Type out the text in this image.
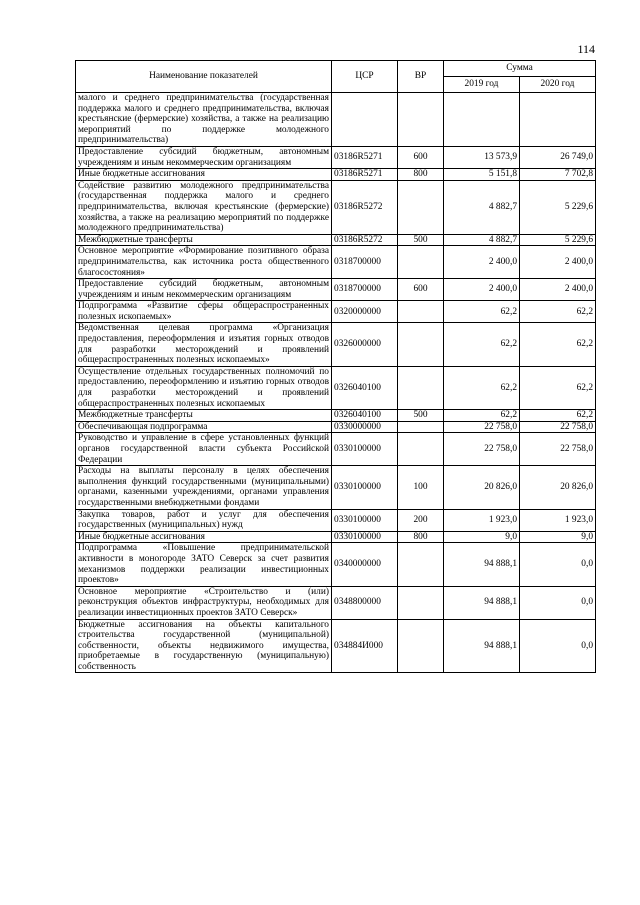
114
Наименование показателей	ЦСР	ВР	Сумма	
			2019 год	2020 год
малого и среднего предпринимательства (государственная поддержка малого и среднего предпринимательства, включая крестьянские (фермерские) хозяйства, а также на реализацию мероприятий по поддержке молодежного предпринимательства)				
Предоставление субсидий бюджетным, автономным учреждениям и иным некоммерческим организациям	03186R5271	600	13 573,9	26 749,0
Иные бюджетные ассигнования	03186R5271	800	5 151,8	7 702,8
Содействие развитию молодежного предпринимательства (государственная поддержка малого и среднего предпринимательства, включая крестьянские (фермерские) хозяйства, а также на реализацию мероприятий по поддержке молодежного предпринимательства)	03186R5272		4 882,7	5 229,6
Межбюджетные трансферты	03186R5272	500	4 882,7	5 229,6
Основное мероприятие «Формирование позитивного образа предпринимательства, как источника роста общественного благосостояния»	0318700000		2 400,0	2 400,0
Предоставление субсидий бюджетным, автономным учреждениям и иным некоммерческим организациям	0318700000	600	2 400,0	2 400,0
Подпрограмма «Развитие сферы общераспространенных полезных ископаемых»	0320000000		62,2	62,2
Ведомственная целевая программа «Организация предоставления, переоформления и изъятия горных отводов для разработки месторождений и проявлений общераспространенных полезных ископаемых»	0326000000		62,2	62,2
Осуществление отдельных государственных полномочий по предоставлению, переоформлению и изъятию горных отводов для разработки месторождений и проявлений общераспространенных полезных ископаемых	0326040100		62,2	62,2
Межбюджетные трансферты	0326040100	500	62,2	62,2
Обеспечивающая подпрограмма	0330000000		22 758,0	22 758,0
Руководство и управление в сфере установленных функций органов государственной власти субъекта Российской Федерации	0330100000		22 758,0	22 758,0
Расходы на выплаты персоналу в целях обеспечения выполнения функций государственными (муниципальными) органами, казенными учреждениями, органами управления государственными внебюджетными фондами	0330100000	100	20 826,0	20 826,0
Закупка товаров, работ и услуг для обеспечения государственных (муниципальных) нужд	0330100000	200	1 923,0	1 923,0
Иные бюджетные ассигнования	0330100000	800	9,0	9,0
Подпрограмма «Повышение предпринимательской активности в моногороде ЗАТО Северск за счет развития механизмов поддержки реализации инвестиционных проектов»	0340000000		94 888,1	0,0
Основное мероприятие «Строительство и (или) реконструкция объектов инфраструктуры, необходимых для реализации инвестиционных проектов ЗАТО Северск»	0348800000		94 888,1	0,0
Бюджетные ассигнования на объекты капитального строительства государственной (муниципальной) собственности, объекты недвижимого имущества, приобретаемые в государственную (муниципальную) собственность	034884И000		94 888,1	0,0
